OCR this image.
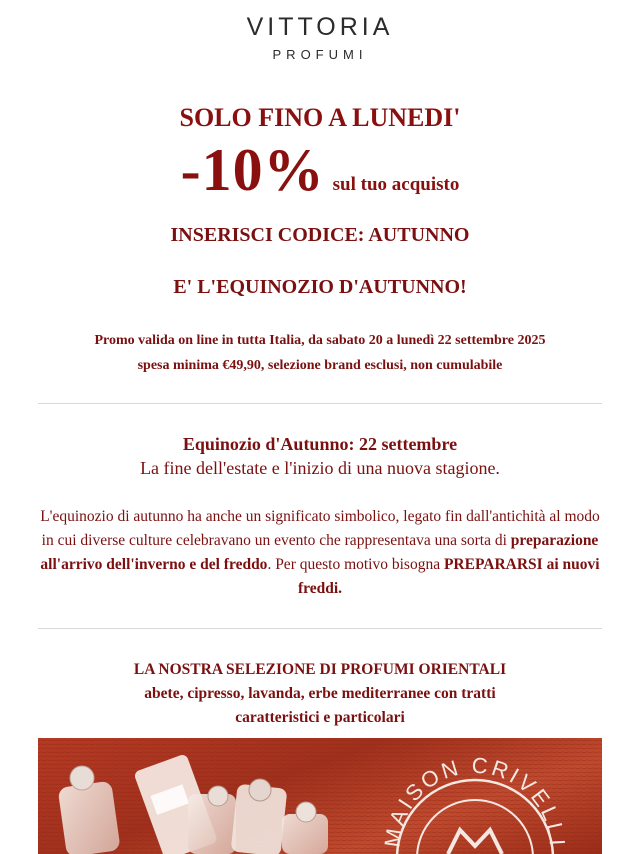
VITTORIA
PROFUMI
SOLO FINO A LUNEDI'
-10% sul tuo acquisto
INSERISCI CODICE: AUTUNNO
E' L'EQUINOZIO D'AUTUNNO!
Promo valida on line in tutta Italia, da sabato 20 a lunedì 22 settembre 2025
spesa minima €49,90, selezione brand esclusi, non cumulabile
Equinozio d'Autunno: 22 settembre
La fine dell'estate e l'inizio di una nuova stagione.
L'equinozio di autunno ha anche un significato simbolico, legato fin dall'antichità al modo in cui diverse culture celebravano un evento che rappresentava una sorta di preparazione all'arrivo dell'inverno e del freddo. Per questo motivo bisogna PREPARARSI ai nuovi freddi.
LA NOSTRA SELEZIONE DI PROFUMI ORIENTALI
abete, cipresso, lavanda, erbe mediterranee con tratti
caratteristici e particolari
MAISON CRIVELLI
